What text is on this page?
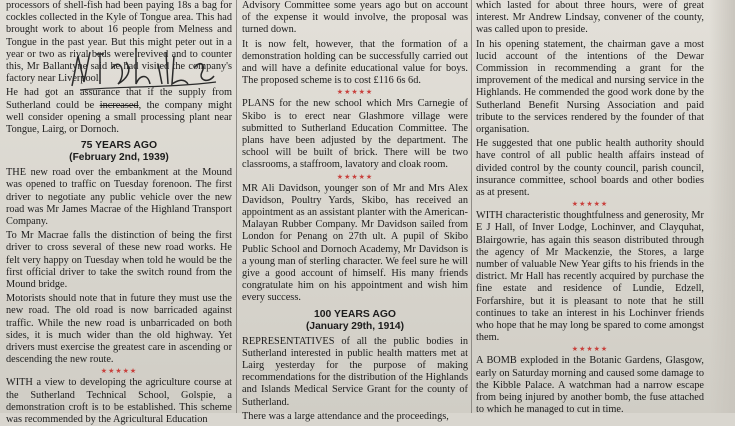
processors of shell-fish had been paying 18s a bag for cockles collected in the Kyle of Tongue area. This had brought work to about 16 people from Melness and Tongue in the past year. But this might peter out in a year or two as rival beds were revived and to counter this, Mr Ballantyne said he had visited the company's factory near Liverpool.

He had got an assurance that if the supply from Sutherland could be increased, the company might well consider opening a small processing plant near Tongue, Lairg, or Dornoch.

75 YEARS AGO
(February 2nd, 1939)

THE new road over the embankment at the Mound was opened to traffic on Tuesday forenoon. The first driver to negotiate any public vehicle over the new road was Mr James Macrae of the Highland Transport Company.

To Mr Macrae falls the distinction of being the first driver to cross several of these new road works. He felt very happy on Tuesday when told he would be the first official driver to take the switch round from the Mound bridge.

Motorists should note that in future they must use the new road. The old road is now barricaded against traffic. While the new road is unbarricaded on both sides, it is much wider than the old highway. Yet drivers must exercise the greatest care in ascending or descending the new route.

★★★★★

WITH a view to developing the agriculture course at the Sutherland Technical School, Golspie, a demonstration croft is to be established. This scheme was recommended by the Agricultural Education

Advisory Committee some years ago but on account of the expense it would involve, the proposal was turned down.

It is now felt, however, that the formation of a demonstration holding can be successfully carried out and will have a definite educational value for boys. The proposed scheme is to cost £116 6s 6d.

★★★★★

PLANS for the new school which Mrs Carnegie of Skibo is to erect near Glashmore village were submitted to Sutherland Education Committee. The plans have been adjusted by the department. The school will be built of brick. There will be two classrooms, a staffroom, lavatory and cloak room.

★★★★★

MR Ali Davidson, younger son of Mr and Mrs Alex Davidson, Poultry Yards, Skibo, has received an appointment as an assistant planter with the American-Malayan Rubber Company. Mr Davidson sailed from London for Penang on 27th ult. A pupil of Skibo Public School and Dornoch Academy, Mr Davidson is a young man of sterling character. We feel sure he will give a good account of himself. His many friends congratulate him on his appointment and wish him every success.

100 YEARS AGO
(January 29th, 1914)

REPRESENTATIVES of all the public bodies in Sutherland interested in public health matters met at Lairg yesterday for the purpose of making recommendations for the distribution of the Highlands and Islands Medical Service Grant for the county of Sutherland.

There was a large attendance and the proceedings,

which lasted for about three hours, were of great interest. Mr Andrew Lindsay, convener of the county, was called upon to preside.

In his opening statement, the chairman gave a most lucid account of the intentions of the Dewar Commission in recommending a grant for the improvement of the medical and nursing service in the Highlands. He commended the good work done by the Sutherland Benefit Nursing Association and paid tribute to the services rendered by the founder of that organisation.

He suggested that one public health authority should have control of all public health affairs instead of divided control by the county council, parish council, insurance committee, school boards and other bodies as at present.

★★★★★

WITH characteristic thoughtfulness and generosity, Mr E J Hall, of Inver Lodge, Lochinver, and Clayquhat, Blairgowrie, has again this season distributed through the agency of Mr Mackenzie, the Stores, a large number of valuable New Year gifts to his friends in the district. Mr Hall has recently acquired by purchase the fine estate and residence of Lundie, Edzell, Forfarshire, but it is pleasant to note that he still continues to take an interest in his Lochinver friends who hope that he may long be spared to come amongst them.

★★★★★

A BOMB exploded in the Botanic Gardens, Glasgow, early on Saturday morning and caused some damage to the Kibble Palace. A watchman had a narrow escape from being injured by another bomb, the fuse attached to which he managed to cut in time.
